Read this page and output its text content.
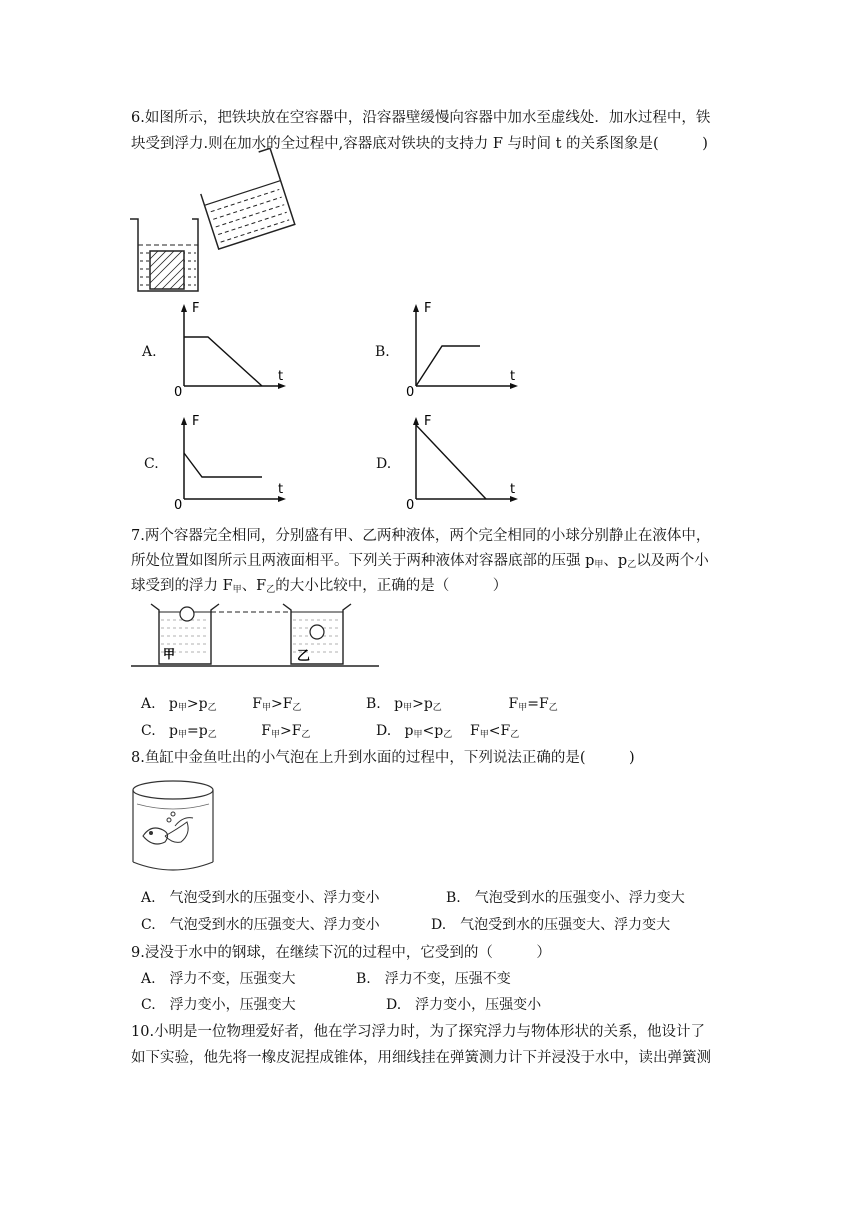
6.如图所示，把铁块放在空容器中，沿容器壁缓慢向容器中加水至虚线处．加水过程中，铁
块受到浮力.则在加水的全过程中,容器底对铁块的支持力 F 与时间 t 的关系图象是(　　　)
A.
F
t
0
B.
F
t
0
C.
F
t
0
D.
F
t
0
7.两个容器完全相同，分别盛有甲、乙两种液体，两个完全相同的小球分别静止在液体中，
所处位置如图所示且两液面相平。下列关于两种液体对容器底部的压强 $p_甲$、$p_乙$以及两个小
球受到的浮力 $F_甲$、$F_乙$的大小比较中，正确的是（　　　）
甲	乙
A.   $p_甲>p_乙$        $F_甲>F_乙$	B.   $p_甲>p_乙$               $F_甲=F_乙$
C.   $p_甲=p_乙$          $F_甲>F_乙$	D.   $p_甲<p_乙$    $F_甲<F_乙$
8.鱼缸中金鱼吐出的小气泡在上升到水面的过程中，下列说法正确的是(　　　)
A.　气泡受到水的压强变小、浮力变小	B.　气泡受到水的压强变小、浮力变大
C.　气泡受到水的压强变大、浮力变小	D.　气泡受到水的压强变大、浮力变大
9.浸没于水中的钢球，在继续下沉的过程中，它受到的（　　　）
A.　浮力不变，压强变大	B.　浮力不变，压强不变
C.　浮力变小，压强变大	D.　浮力变小，压强变小
10.小明是一位物理爱好者，他在学习浮力时，为了探究浮力与物体形状的关系，他设计了
如下实验，他先将一橡皮泥捏成锥体，用细线挂在弹簧测力计下并浸没于水中，读出弹簧测
